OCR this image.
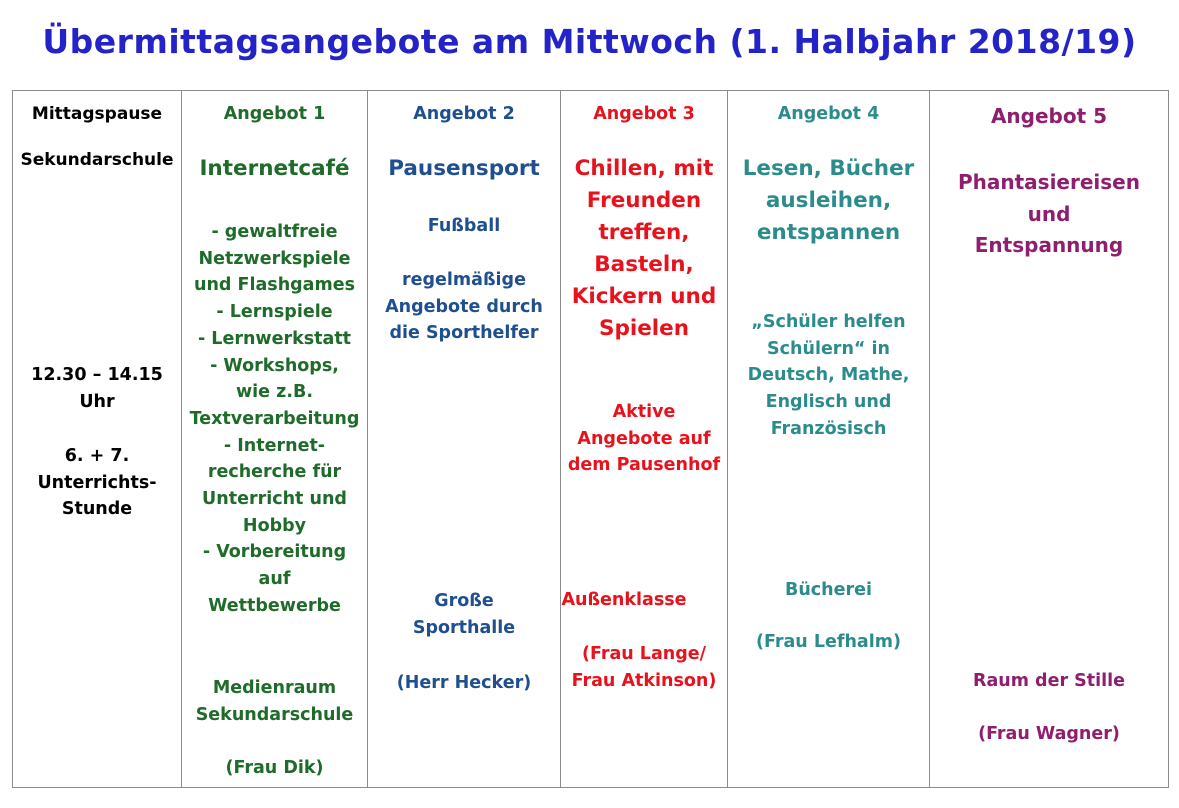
Übermittagsangebote am Mittwoch (1. Halbjahr 2018/19)
Mittagspause
Sekundarschule
12.30 – 14.15
Uhr
6. + 7.
Unterrichts-
Stunde
Angebot 1
Internetcafé
- gewaltfreie
Netzwerkspiele
und Flashgames
- Lernspiele
- Lernwerkstatt
- Workshops,
wie z.B.
Textverarbeitung
- Internet-
recherche für
Unterricht und
Hobby
- Vorbereitung
auf
Wettbewerbe
Medienraum
Sekundarschule
(Frau Dik)
Angebot 2
Pausensport
Fußball
regelmäßige
Angebote durch
die Sporthelfer
Große
Sporthalle
(Herr Hecker)
Angebot 3
Chillen, mit
Freunden
treffen,
Basteln,
Kickern und
Spielen
Aktive
Angebote auf
dem Pausenhof
Außenklasse
(Frau Lange/
Frau Atkinson)
Angebot 4
Lesen, Bücher
ausleihen,
entspannen
„Schüler helfen
Schülern“ in
Deutsch, Mathe,
Englisch und
Französisch
Bücherei
(Frau Lefhalm)
Angebot 5
Phantasiereisen
und
Entspannung
Raum der Stille
(Frau Wagner)
